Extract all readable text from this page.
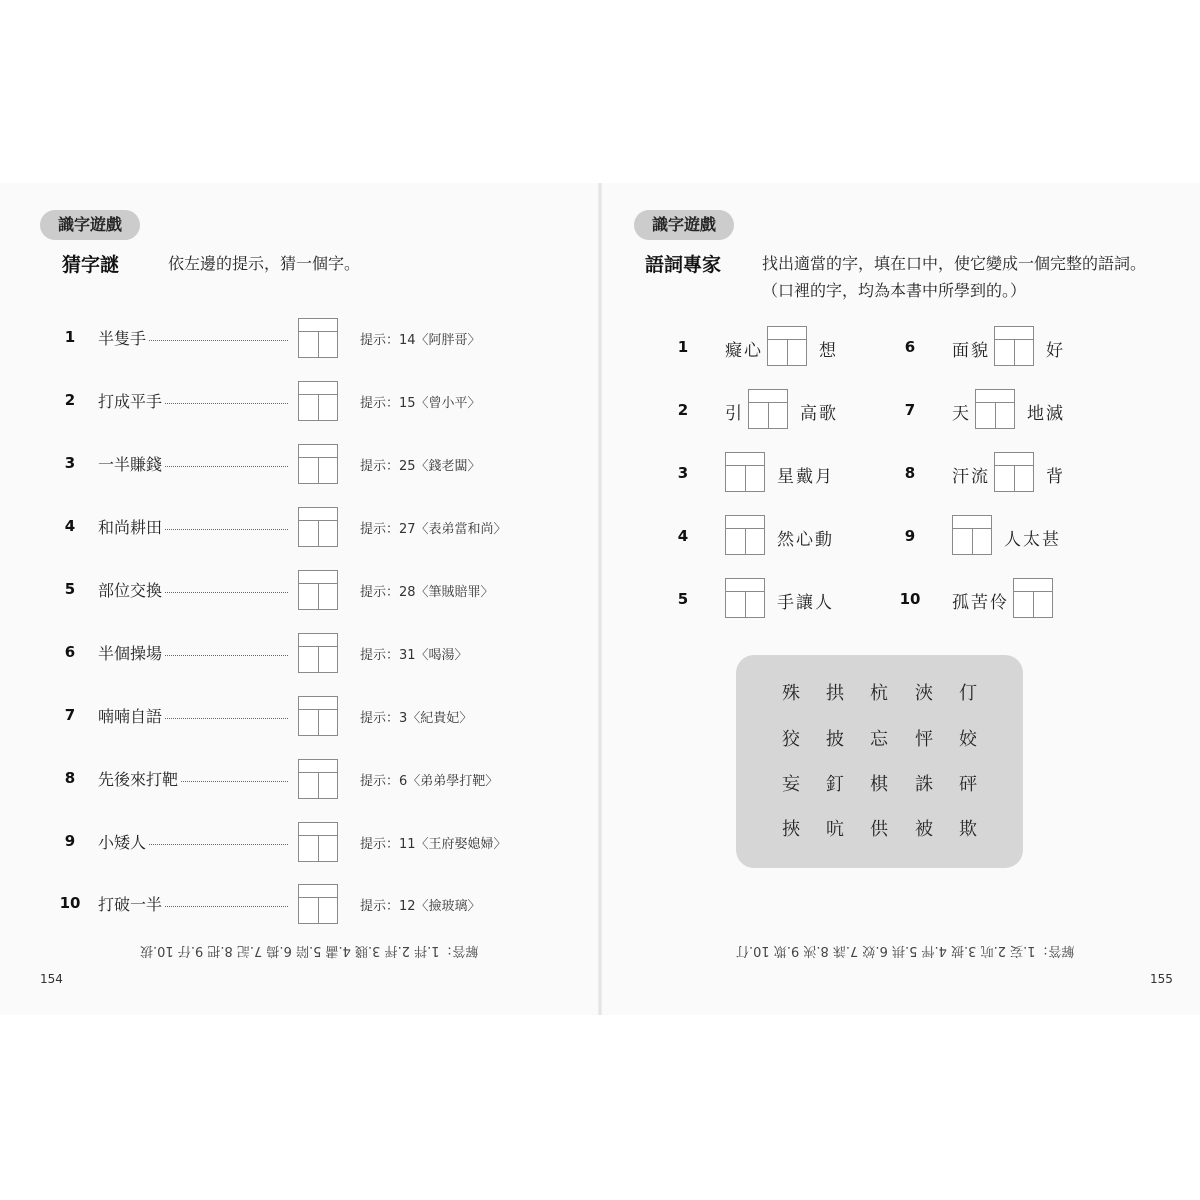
識字遊戲
猜字謎	依左邊的提示，猜一個字。
1	半隻手	提示：14〈阿胖哥〉
2	打成平手	提示：15〈曾小平〉
3	一半賺錢	提示：25〈錢老闆〉
4	和尚耕田	提示：27〈表弟當和尚〉
5	部位交換	提示：28〈筆賊賠罪〉
6	半個操場	提示：31〈喝湯〉
7	喃喃自語	提示：3〈紀貴妃〉
8	先後來打靶	提示：6〈弟弟學打靶〉
9	小矮人	提示：11〈王府娶媳婦〉
10	打破一半	提示：12〈撿玻璃〉
解答：1.拌 2.抨 3.賤 4.畵 5.陪 6.搗 7.記 8.把 9.仔 10.拔
154
識字遊戲
語詞專家	找出適當的字，填在口中，使它變成一個完整的語詞。
（口裡的字，均為本書中所學到的。）
1	癡心	想
2	引	高歌
3	星戴月
4	然心動
5	手讓人
6	面貌	好
7	天	地滅
8	汗流	背
9	人太甚
10	孤苦伶
殊	拱	杭	浹	仃
狡	披	忘	怦	姣
妄	釘	棋	誅	砰
挾	吭	供	被	欺
解答：1.妄 2.吭 3.披 4.怦 5.拱 6.姣 7.誅 8.浹 9.欺 10.仃
155
